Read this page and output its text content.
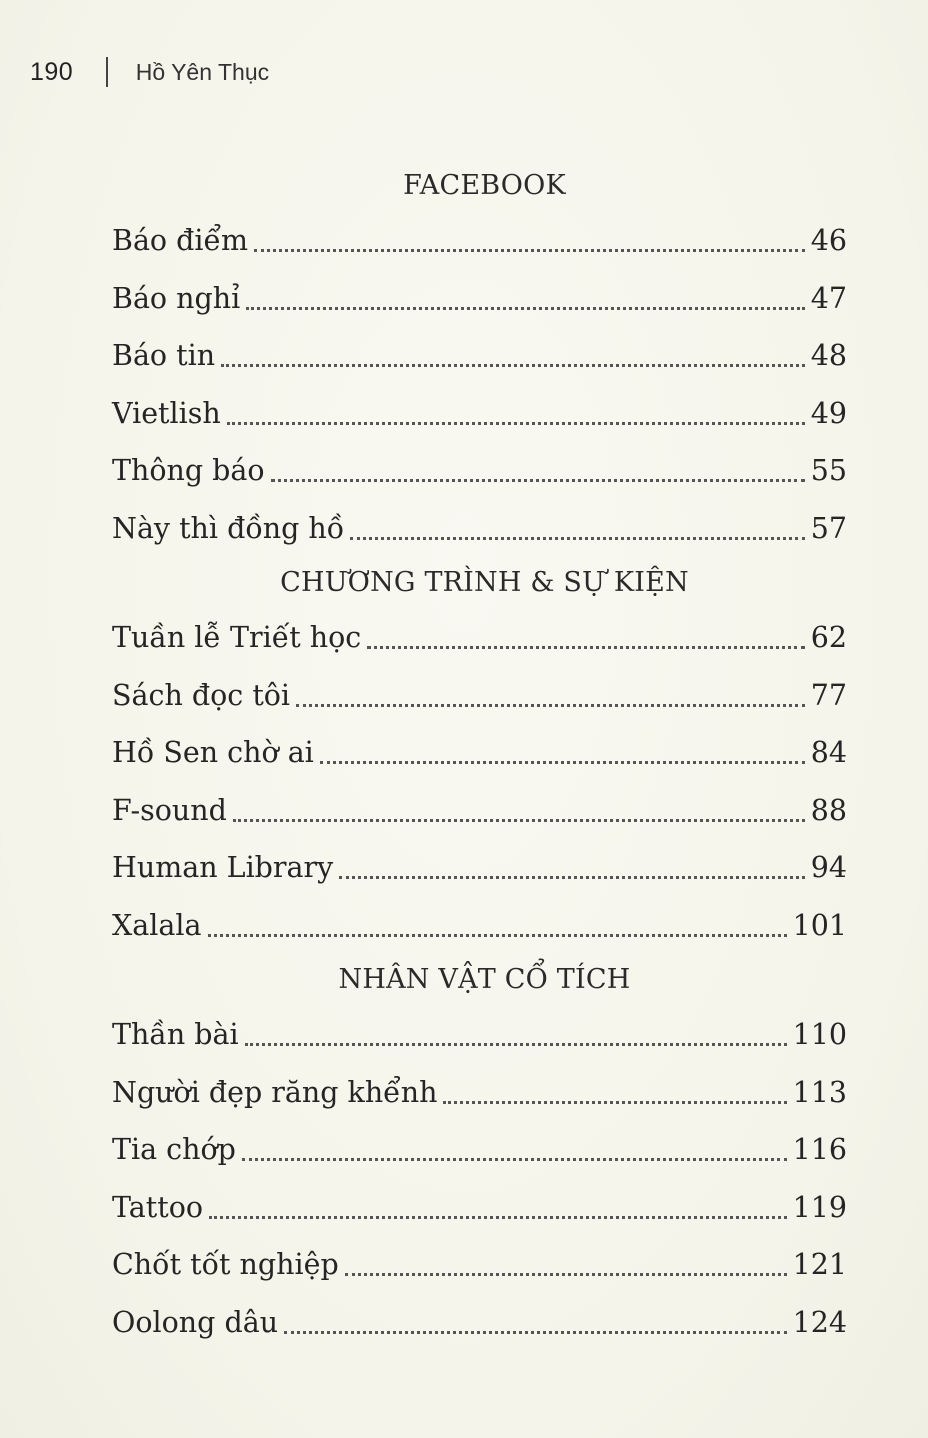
190	Hồ Yên Thục
FACEBOOK
Báo điểm	46
Báo nghỉ	47
Báo tin	48
Vietlish	49
Thông báo	55
Này thì đồng hồ	57
CHƯƠNG TRÌNH & SỰ KIỆN
Tuần lễ Triết học	62
Sách đọc tôi	77
Hồ Sen chờ ai	84
F-sound	88
Human Library	94
Xalala	101
NHÂN VẬT CỔ TÍCH
Thần bài	110
Người đẹp răng khểnh	113
Tia chớp	116
Tattoo	119
Chốt tốt nghiệp	121
Oolong dâu	124
